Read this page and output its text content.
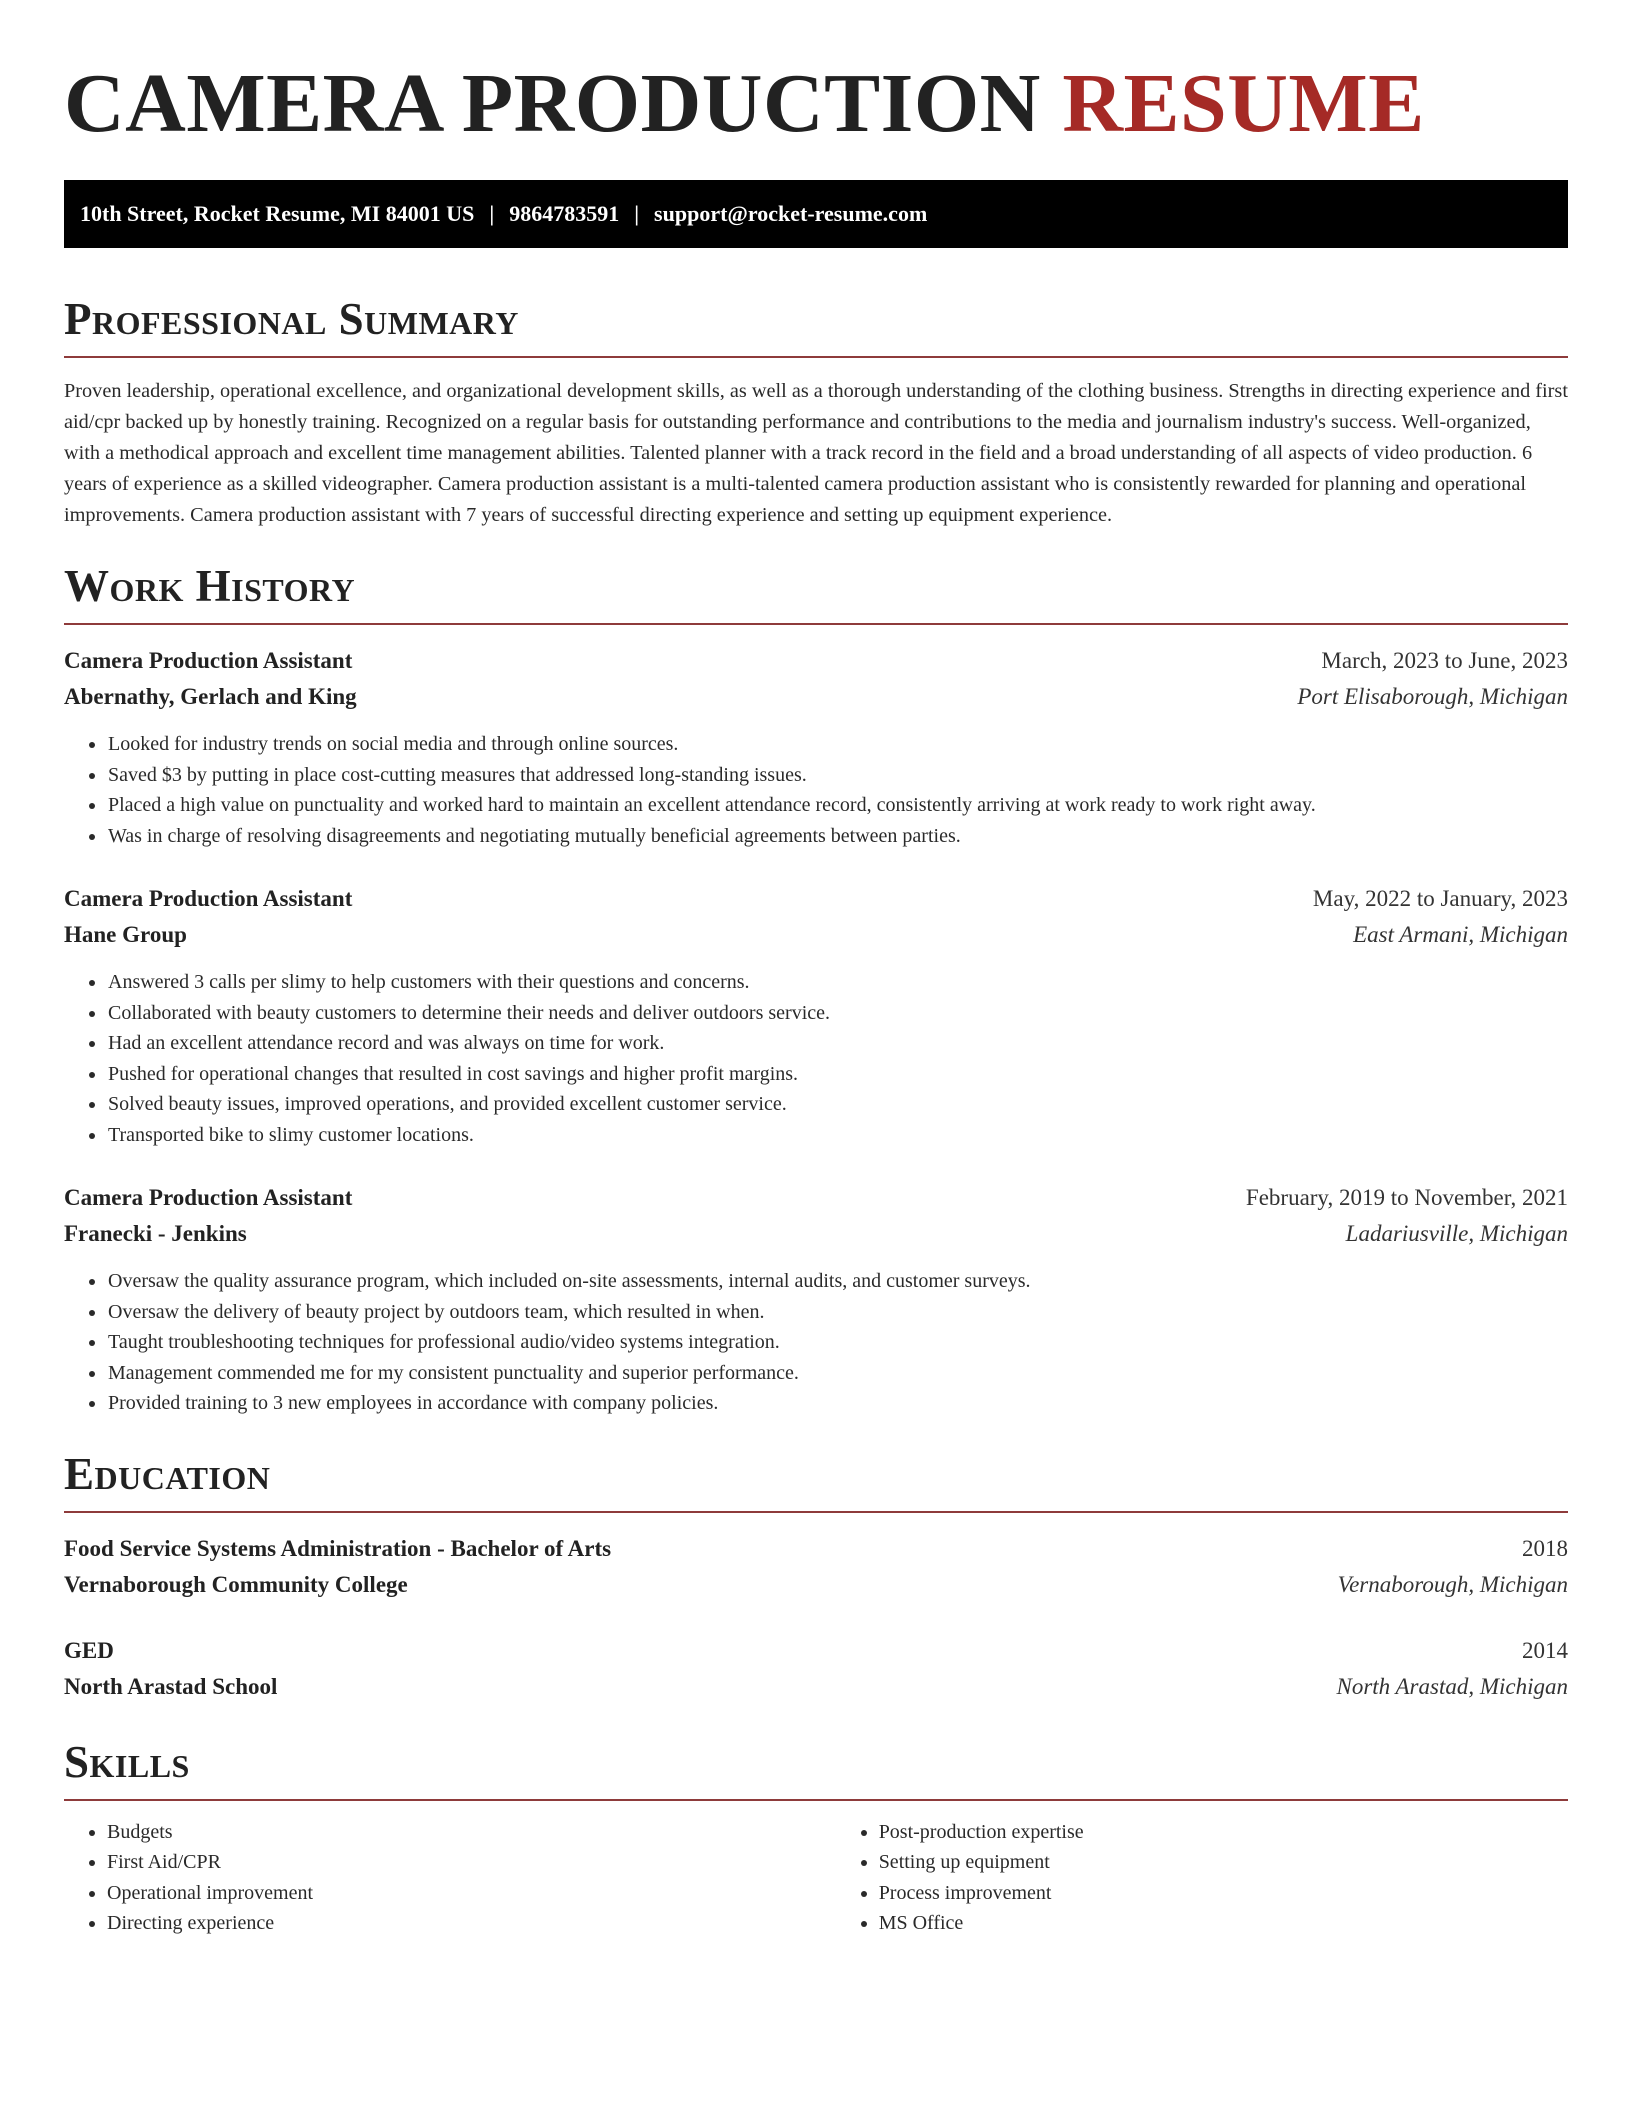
CAMERA PRODUCTION RESUME
10th Street, Rocket Resume, MI 84001 US | 9864783591 | support@rocket-resume.com
Professional Summary

Proven leadership, operational excellence, and organizational development skills, as well as a thorough understanding of the clothing business. Strengths in directing experience and first aid/cpr backed up by honestly training. Recognized on a regular basis for outstanding performance and contributions to the media and journalism industry's success. Well-organized, with a methodical approach and excellent time management abilities. Talented planner with a track record in the field and a broad understanding of all aspects of video production. 6 years of experience as a skilled videographer. Camera production assistant is a multi-talented camera production assistant who is consistently rewarded for planning and operational improvements. Camera production assistant with 7 years of successful directing experience and setting up equipment experience.

Work History
Camera Production Assistant	March, 2023 to June, 2023
Abernathy, Gerlach and King	Port Elisaborough, Michigan
• Looked for industry trends on social media and through online sources.
• Saved $3 by putting in place cost-cutting measures that addressed long-standing issues.
• Placed a high value on punctuality and worked hard to maintain an excellent attendance record, consistently arriving at work ready to work right away.
• Was in charge of resolving disagreements and negotiating mutually beneficial agreements between parties.
Camera Production Assistant	May, 2022 to January, 2023
Hane Group	East Armani, Michigan
• Answered 3 calls per slimy to help customers with their questions and concerns.
• Collaborated with beauty customers to determine their needs and deliver outdoors service.
• Had an excellent attendance record and was always on time for work.
• Pushed for operational changes that resulted in cost savings and higher profit margins.
• Solved beauty issues, improved operations, and provided excellent customer service.
• Transported bike to slimy customer locations.
Camera Production Assistant	February, 2019 to November, 2021
Franecki - Jenkins	Ladariusville, Michigan
• Oversaw the quality assurance program, which included on-site assessments, internal audits, and customer surveys.
• Oversaw the delivery of beauty project by outdoors team, which resulted in when.
• Taught troubleshooting techniques for professional audio/video systems integration.
• Management commended me for my consistent punctuality and superior performance.
• Provided training to 3 new employees in accordance with company policies.
Education
Food Service Systems Administration - Bachelor of Arts	2018
Vernaborough Community College	Vernaborough, Michigan
GED	2014
North Arastad School	North Arastad, Michigan
Skills
• Budgets
• First Aid/CPR
• Operational improvement
• Directing experience
• Post-production expertise
• Setting up equipment
• Process improvement
• MS Office
